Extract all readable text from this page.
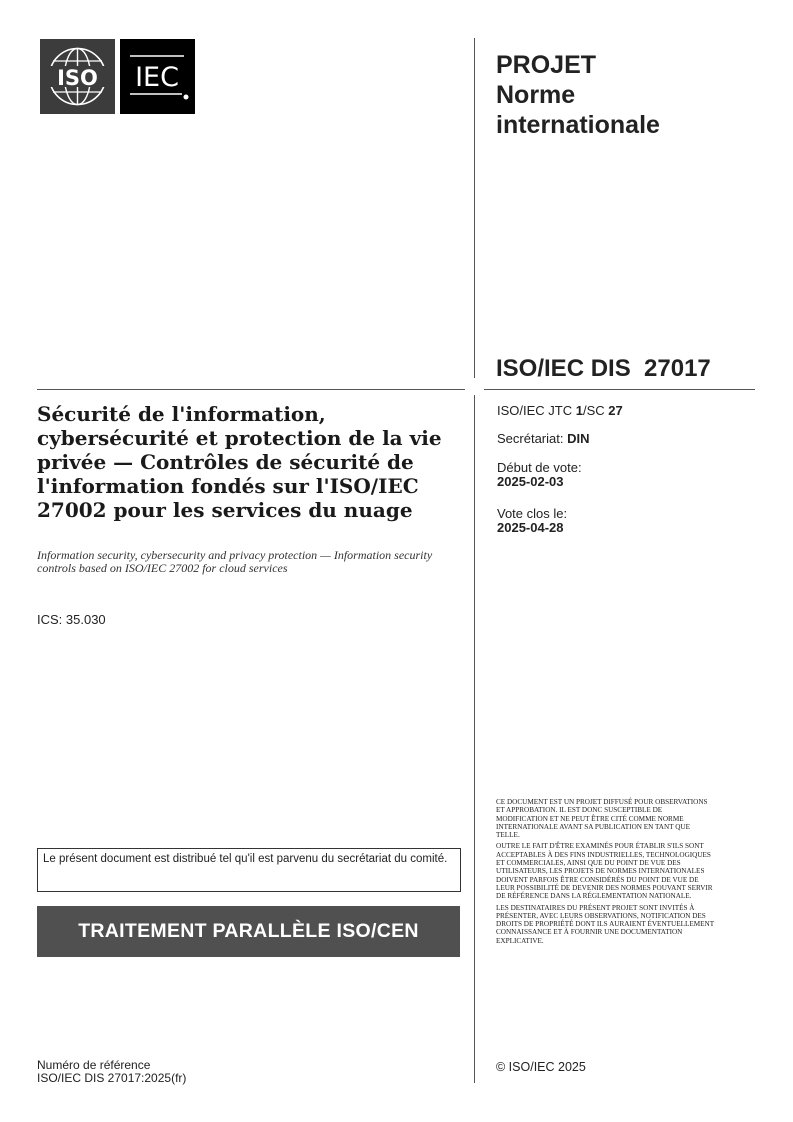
ISO IEC	PROJET
Norme
internationale
ISO/IEC DIS  27017
Sécurité de l'information,
cybersécurité et protection de la vie
privée — Contrôles de sécurité de
l'information fondés sur l'ISO/IEC
27002 pour les services du nuage
Information security, cybersecurity and privacy protection — Information security controls based on ISO/IEC 27002 for cloud services
ICS: 35.030
ISO/IEC JTC 1/SC 27
Secrétariat: DIN
Début de vote:
2025-02-03
Vote clos le:
2025-04-28
Le présent document est distribué tel qu'il est parvenu du secrétariat du comité.
TRAITEMENT PARALLÈLE ISO/CEN
Numéro de référence
ISO/IEC DIS 27017:2025(fr)

CE DOCUMENT EST UN PROJET DIFFUSÉ POUR OBSERVATIONS ET APPROBATION. IL EST DONC SUSCEPTIBLE DE MODIFICATION ET NE PEUT ÊTRE CITÉ COMME NORME INTERNATIONALE AVANT SA PUBLICATION EN TANT QUE TELLE.

OUTRE LE FAIT D'ÊTRE EXAMINÉS POUR ÉTABLIR S'ILS SONT ACCEPTABLES À DES FINS INDUSTRIELLES, TECHNOLOGIQUES ET COMMERCIALES, AINSI QUE DU POINT DE VUE DES UTILISATEURS, LES PROJETS DE NORMES INTERNATIONALES DOIVENT PARFOIS ÊTRE CONSIDÉRÉS DU POINT DE VUE DE LEUR POSSIBILITÉ DE DEVENIR DES NORMES POUVANT SERVIR DE RÉFÉRENCE DANS LA RÉGLEMENTATION NATIONALE.

LES DESTINATAIRES DU PRÉSENT PROJET SONT INVITÉS À PRÉSENTER, AVEC LEURS OBSERVATIONS, NOTIFICATION DES DROITS DE PROPRIÉTÉ DONT ILS AURAIENT ÉVENTUELLEMENT CONNAISSANCE ET À FOURNIR UNE DOCUMENTATION EXPLICATIVE.

© ISO/IEC 2025
